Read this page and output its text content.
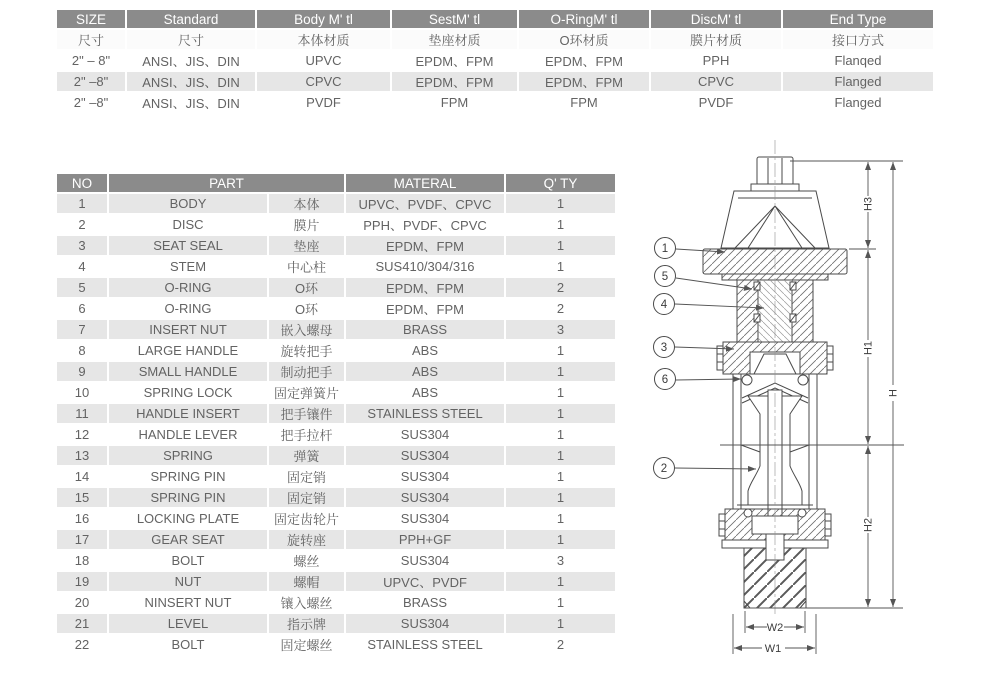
SIZE	Standard	Body M' tl	SestM' tl	O-RingM' tl	DiscM' tl	End Type
尺寸	尺寸	本体材质	垫座材质	O环材质	膜片材质	接口方式
2" – 8"	ANSI、JIS、DIN	UPVC	EPDM、FPM	EPDM、FPM	PPH	Flanqed
2" –8"	ANSI、JIS、DIN	CPVC	EPDM、FPM	EPDM、FPM	CPVC	Flanged
2" –8"	ANSI、JIS、DIN	PVDF	FPM	FPM	PVDF	Flanged
NO	PART		MATERAL	Q' TY
1	BODY	本体	UPVC、PVDF、CPVC	1
2	DISC	膜片	PPH、PVDF、CPVC	1
3	SEAT SEAL	垫座	EPDM、FPM	1
4	STEM	中心柱	SUS410/304/316	1
5	O-RING	O环	EPDM、FPM	2
6	O-RING	O环	EPDM、FPM	2
7	INSERT NUT	嵌入螺母	BRASS	3
8	LARGE HANDLE	旋转把手	ABS	1
9	SMALL HANDLE	制动把手	ABS	1
10	SPRING LOCK	固定弹簧片	ABS	1
11	HANDLE INSERT	把手镶件	STAINLESS STEEL	1
12	HANDLE LEVER	把手拉杆	SUS304	1
13	SPRING	弹簧	SUS304	1
14	SPRING PIN	固定销	SUS304	1
15	SPRING PIN	固定销	SUS304	1
16	LOCKING PLATE	固定齿轮片	SUS304	1
17	GEAR SEAT	旋转座	PPH+GF	1
18	BOLT	螺丝	SUS304	3
19	NUT	螺帽	UPVC、PVDF	1
20	NINSERT NUT	镶入螺丝	BRASS	1
21	LEVEL	指示牌	SUS304	1
22	BOLT	固定螺丝	STAINLESS STEEL	2
H3
H1
H2
H
W2
W1
1
5
4
3
6
2
